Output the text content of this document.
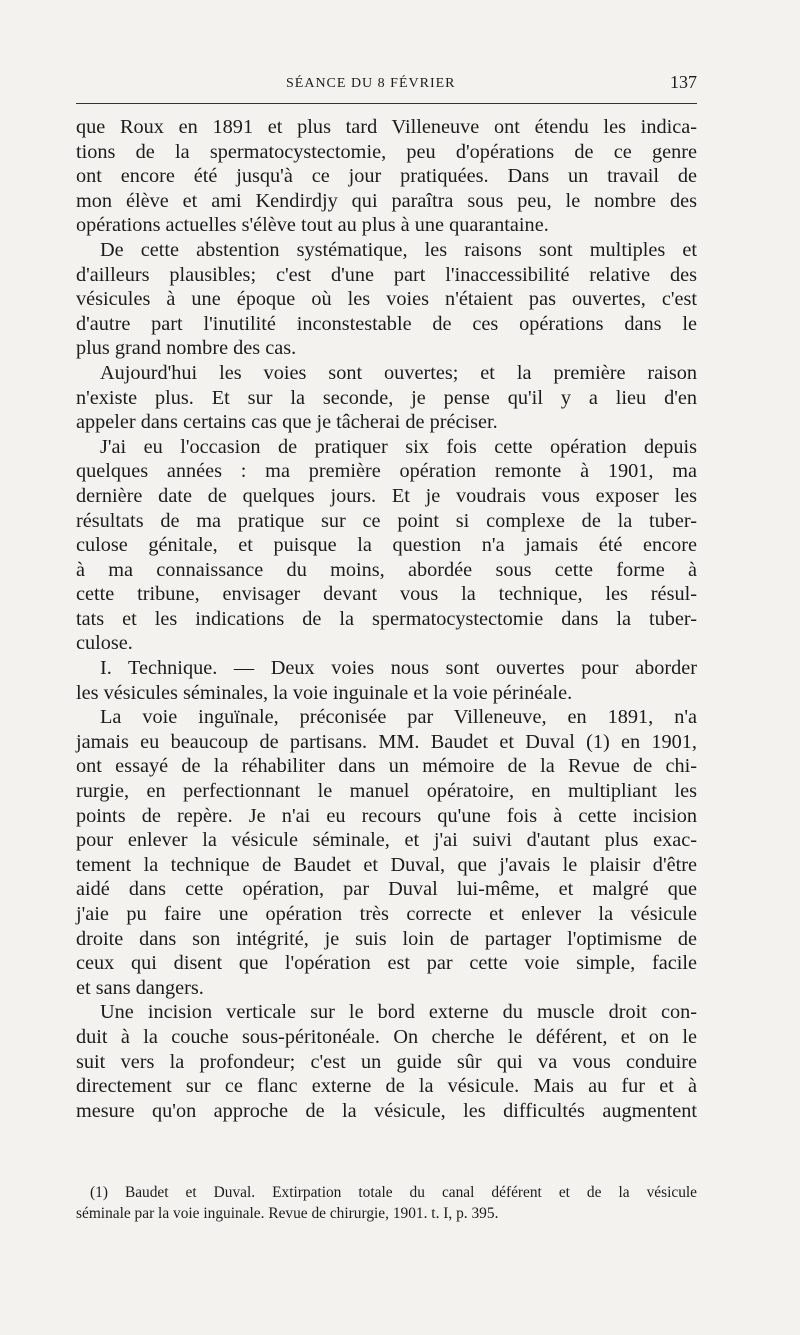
SÉANCE DU 8 FÉVRIER	137
que Roux en 1891 et plus tard Villeneuve ont étendu les indica-
tions de la spermatocystectomie, peu d'opérations de ce genre
ont encore été jusqu'à ce jour pratiquées. Dans un travail de
mon élève et ami Kendirdjy qui paraîtra sous peu, le nombre des
opérations actuelles s'élève tout au plus à une quarantaine.
De cette abstention systématique, les raisons sont multiples et
d'ailleurs plausibles; c'est d'une part l'inaccessibilité relative des
vésicules à une époque où les voies n'étaient pas ouvertes, c'est
d'autre part l'inutilité inconstestable de ces opérations dans le
plus grand nombre des cas.
Aujourd'hui les voies sont ouvertes; et la première raison
n'existe plus. Et sur la seconde, je pense qu'il y a lieu d'en
appeler dans certains cas que je tâcherai de préciser.
J'ai eu l'occasion de pratiquer six fois cette opération depuis
quelques années : ma première opération remonte à 1901, ma
dernière date de quelques jours. Et je voudrais vous exposer les
résultats de ma pratique sur ce point si complexe de la tuber-
culose génitale, et puisque la question n'a jamais été encore
à ma connaissance du moins, abordée sous cette forme à
cette tribune, envisager devant vous la technique, les résul-
tats et les indications de la spermatocystectomie dans la tuber-
culose.
I. Technique. — Deux voies nous sont ouvertes pour aborder
les vésicules séminales, la voie inguinale et la voie périnéale.
La voie inguïnale, préconisée par Villeneuve, en 1891, n'a
jamais eu beaucoup de partisans. MM. Baudet et Duval (1) en 1901,
ont essayé de la réhabiliter dans un mémoire de la Revue de chi-
rurgie, en perfectionnant le manuel opératoire, en multipliant les
points de repère. Je n'ai eu recours qu'une fois à cette incision
pour enlever la vésicule séminale, et j'ai suivi d'autant plus exac-
tement la technique de Baudet et Duval, que j'avais le plaisir d'être
aidé dans cette opération, par Duval lui-même, et malgré que
j'aie pu faire une opération très correcte et enlever la vésicule
droite dans son intégrité, je suis loin de partager l'optimisme de
ceux qui disent que l'opération est par cette voie simple, facile
et sans dangers.
Une incision verticale sur le bord externe du muscle droit con-
duit à la couche sous-péritonéale. On cherche le déférent, et on le
suit vers la profondeur; c'est un guide sûr qui va vous conduire
directement sur ce flanc externe de la vésicule. Mais au fur et à
mesure qu'on approche de la vésicule, les difficultés augmentent
(1) Baudet et Duval. Extirpation totale du canal déférent et de la vésicule
séminale par la voie inguinale. Revue de chirurgie, 1901. t. I, p. 395.
